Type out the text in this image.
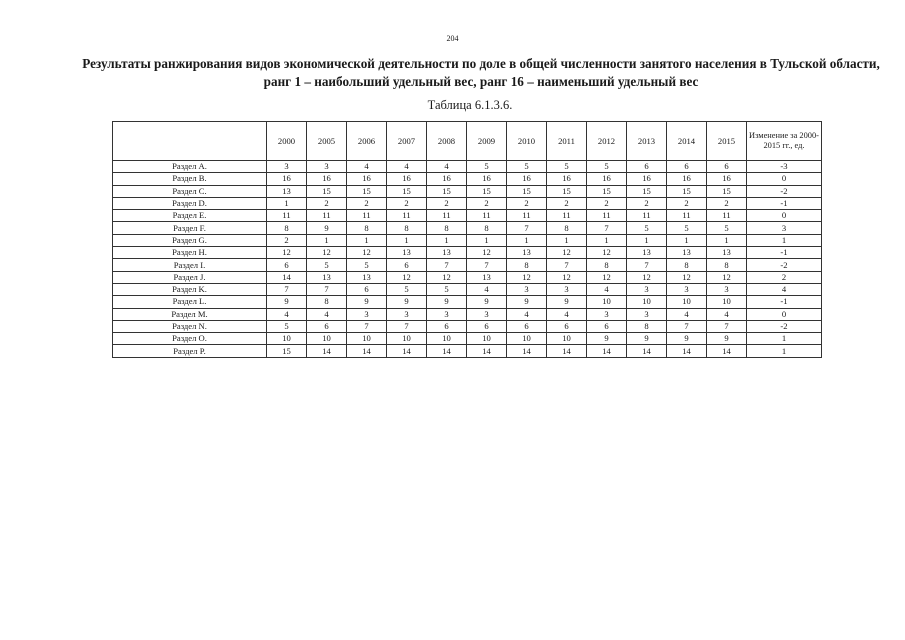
204
Результаты ранжирования видов экономической деятельности по доле в общей численности занятого населения в Тульской области, ранг 1 – наибольший удельный вес, ранг 16 – наименьший удельный вес
Таблица 6.1.3.6.
	2000	2005	2006	2007	2008	2009	2010	2011	2012	2013	2014	2015	Изменение за 2000-2015 гг., ед.
Раздел A.	3	3	4	4	4	5	5	5	5	6	6	6	-3
Раздел B.	16	16	16	16	16	16	16	16	16	16	16	16	0
Раздел C.	13	15	15	15	15	15	15	15	15	15	15	15	-2
Раздел D.	1	2	2	2	2	2	2	2	2	2	2	2	-1
Раздел E.	11	11	11	11	11	11	11	11	11	11	11	11	0
Раздел F.	8	9	8	8	8	8	7	8	7	5	5	5	3
Раздел G.	2	1	1	1	1	1	1	1	1	1	1	1	1
Раздел H.	12	12	12	13	13	12	13	12	12	13	13	13	-1
Раздел I.	6	5	5	6	7	7	8	7	8	7	8	8	-2
Раздел J.	14	13	13	12	12	13	12	12	12	12	12	12	2
Раздел K.	7	7	6	5	5	4	3	3	4	3	3	3	4
Раздел L.	9	8	9	9	9	9	9	9	10	10	10	10	-1
Раздел M.	4	4	3	3	3	3	4	4	3	3	4	4	0
Раздел N.	5	6	7	7	6	6	6	6	6	8	7	7	-2
Раздел O.	10	10	10	10	10	10	10	10	9	9	9	9	1
Раздел P.	15	14	14	14	14	14	14	14	14	14	14	14	1
